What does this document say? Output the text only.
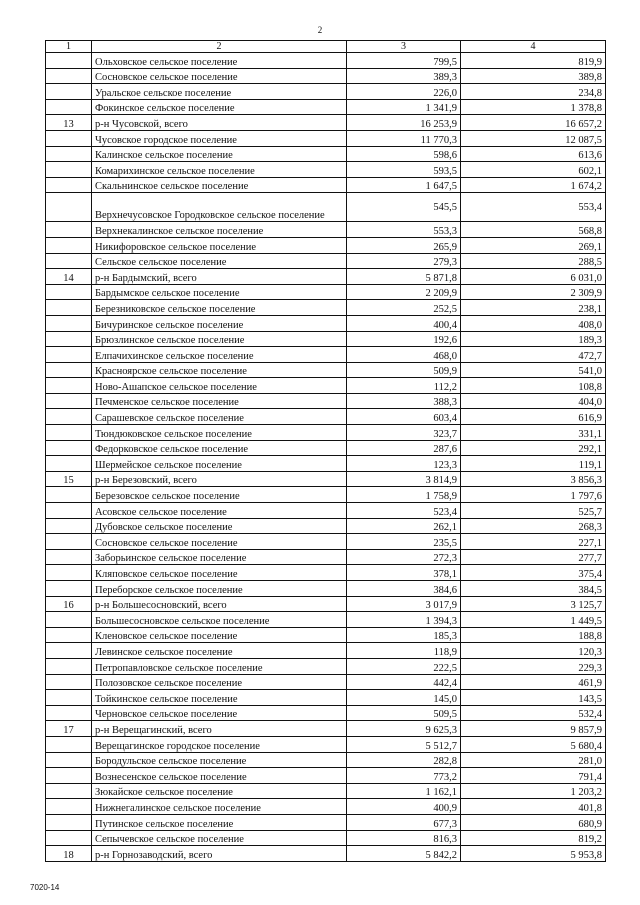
2
1	2	3	4
	Ольховское сельское поселение	799,5	819,9
	Сосновское сельское поселение	389,3	389,8
	Уральское сельское поселение	226,0	234,8
	Фокинское сельское поселение	1 341,9	1 378,8
13	р-н Чусовской, всего	16 253,9	16 657,2
	Чусовское городское поселение	11 770,3	12 087,5
	Калинское сельское поселение	598,6	613,6
	Комарихинское сельское поселение	593,5	602,1
	Скальнинское сельское поселение	1 647,5	1 674,2
	Верхнечусовское Городковское сельское поселение	545,5	553,4
	Верхнекалинское сельское поселение	553,3	568,8
	Никифоровское сельское поселение	265,9	269,1
	Сельское сельское поселение	279,3	288,5
14	р-н Бардымский, всего	5 871,8	6 031,0
	Бардымское сельское поселение	2 209,9	2 309,9
	Березниковское сельское поселение	252,5	238,1
	Бичуринское сельское поселение	400,4	408,0
	Брюзлинское сельское поселение	192,6	189,3
	Елпачихинское сельское поселение	468,0	472,7
	Красноярское сельское поселение	509,9	541,0
	Ново-Ашапское сельское поселение	112,2	108,8
	Печменское сельское поселение	388,3	404,0
	Сарашевское сельское поселение	603,4	616,9
	Тюндюковское сельское поселение	323,7	331,1
	Федорковское сельское поселение	287,6	292,1
	Шермейское сельское поселение	123,3	119,1
15	р-н Березовский, всего	3 814,9	3 856,3
	Березовское сельское поселение	1 758,9	1 797,6
	Асовское сельское поселение	523,4	525,7
	Дубовское сельское поселение	262,1	268,3
	Сосновское сельское поселение	235,5	227,1
	Заборьинское сельское поселение	272,3	277,7
	Кляповское сельское поселение	378,1	375,4
	Переборское сельское поселение	384,6	384,5
16	р-н Большесосновский, всего	3 017,9	3 125,7
	Большесосновское сельское поселение	1 394,3	1 449,5
	Кленовское сельское поселение	185,3	188,8
	Левинское сельское поселение	118,9	120,3
	Петропавловское сельское поселение	222,5	229,3
	Полозовское сельское поселение	442,4	461,9
	Тойкинское сельское поселение	145,0	143,5
	Черновское сельское поселение	509,5	532,4
17	р-н Верещагинский, всего	9 625,3	9 857,9
	Верещагинское городское поселение	5 512,7	5 680,4
	Бородульское сельское поселение	282,8	281,0
	Вознесенское сельское поселение	773,2	791,4
	Зюкайское сельское поселение	1 162,1	1 203,2
	Нижнегалинское сельское поселение	400,9	401,8
	Путинское сельское поселение	677,3	680,9
	Сепычевское сельское поселение	816,3	819,2
18	р-н Горнозаводский, всего	5 842,2	5 953,8
7020-14
